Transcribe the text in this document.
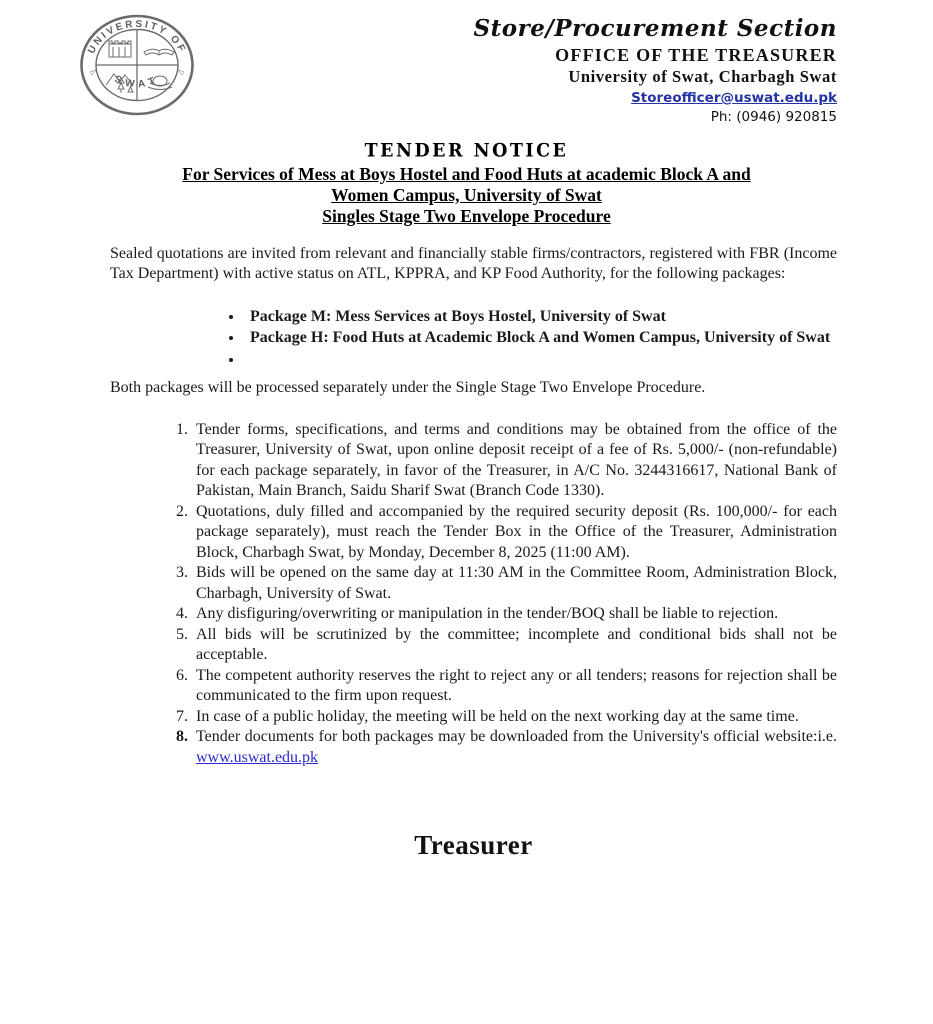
UNIVERSITY OF
SWAT
Store/Procurement Section
OFFICE OF THE TREASURER
University of Swat, Charbagh Swat
Storeofficer@uswat.edu.pk
Ph: (0946) 920815
TENDER NOTICE
For Services of Mess at Boys Hostel and Food Huts at academic Block A and
Women Campus, University of Swat
Singles Stage Two Envelope Procedure

Sealed quotations are invited from relevant and financially stable firms/contractors, registered with FBR (Income Tax Department) with active status on ATL, KPPRA, and KP Food Authority, for the following packages:

• Package M: Mess Services at Boys Hostel, University of Swat
• Package H: Food Huts at Academic Block A and Women Campus, University of Swat
•

Both packages will be processed separately under the Single Stage Two Envelope Procedure.

1. Tender forms, specifications, and terms and conditions may be obtained from the office of the Treasurer, University of Swat, upon online deposit receipt of a fee of Rs. 5,000/- (non-refundable) for each package separately, in favor of the Treasurer, in A/C No. 3244316617, National Bank of Pakistan, Main Branch, Saidu Sharif Swat (Branch Code 1330).
2. Quotations, duly filled and accompanied by the required security deposit (Rs. 100,000/- for each package separately), must reach the Tender Box in the Office of the Treasurer, Administration Block, Charbagh Swat, by Monday, December 8, 2025 (11:00 AM).
3. Bids will be opened on the same day at 11:30 AM in the Committee Room, Administration Block, Charbagh, University of Swat.
4. Any disfiguring/overwriting or manipulation in the tender/BOQ shall be liable to rejection.
5. All bids will be scrutinized by the committee; incomplete and conditional bids shall not be acceptable.
6. The competent authority reserves the right to reject any or all tenders; reasons for rejection shall be communicated to the firm upon request.
7. In case of a public holiday, the meeting will be held on the next working day at the same time.
8. Tender documents for both packages may be downloaded from the University's official website:i.e. www.uswat.edu.pk
Treasurer
